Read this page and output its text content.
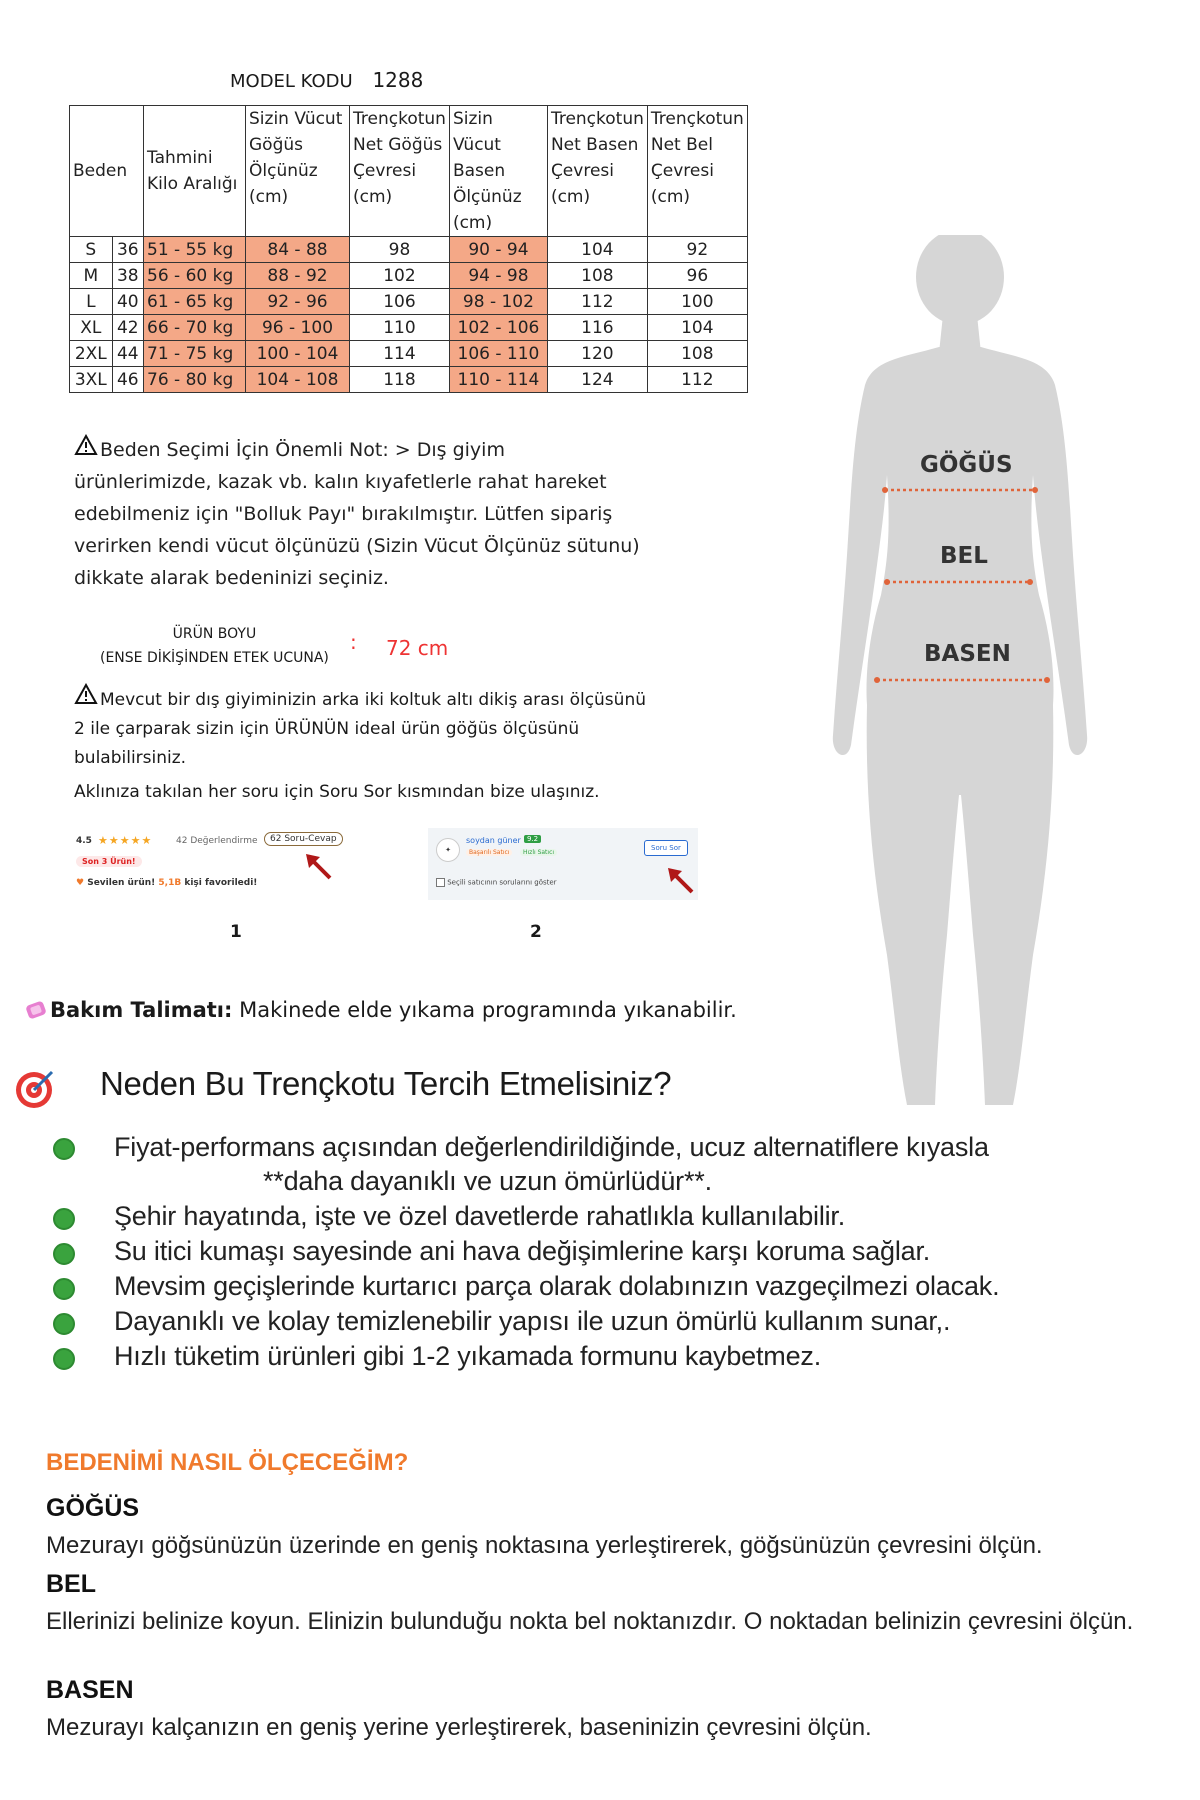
MODEL KODU 1288
Beden		Tahmini Kilo Aralığı	Sizin Vücut Göğüs Ölçünüz (cm)	Trençkotun Net Göğüs Çevresi (cm)	Sizin Vücut Basen Ölçünüz (cm)	Trençkotun Net Basen Çevresi (cm)	Trençkotun Net Bel Çevresi (cm)
S	36	51 - 55 kg	84 - 88	98	90 - 94	104	92
M	38	56 - 60 kg	88 - 92	102	94 - 98	108	96
L	40	61 - 65 kg	92 - 96	106	98 - 102	112	100
XL	42	66 - 70 kg	96 - 100	110	102 - 106	116	104
2XL	44	71 - 75 kg	100 - 104	114	106 - 110	120	108
3XL	46	76 - 80 kg	104 - 108	118	110 - 114	124	112
GÖĞÜS
BEL
BASEN
Beden Seçimi İçin Önemli Not: > Dış giyim ürünlerimizde, kazak vb. kalın kıyafetlerle rahat hareket edebilmeniz için "Bolluk Payı" bırakılmıştır. Lütfen sipariş verirken kendi vücut ölçünüzü (Sizin Vücut Ölçünüz sütunu) dikkate alarak bedeninizi seçiniz.
ÜRÜN BOYU
(ENSE DİKİŞİNDEN ETEK UCUNA)
: 72 cm
Mevcut bir dış giyiminizin arka iki koltuk altı dikiş arası ölçüsünü 2 ile çarparak sizin için ÜRÜNÜN ideal ürün göğüs ölçüsünü bulabilirsiniz.
Aklınıza takılan her soru için Soru Sor kısmından bize ulaşınız.
4.5 ★★★★★	42 Değerlendirme	62 Soru-Cevap
Son 3 Ürün!
♥ Sevilen ürün! 5,1B kişi favoriledi!
1
✦
soydan güner 9.2
Başarılı Satıcı	Hızlı Satıcı
Soru Sor
Seçili satıcının sorularını göster
2
Bakım Talimatı: Makinede elde yıkama programında yıkanabilir.
Neden Bu Trençkotu Tercih Etmelisiniz?
Fiyat-performans açısından değerlendirildiğinde, ucuz alternatiflere kıyasla
**daha dayanıklı ve uzun ömürlüdür**.
Şehir hayatında, işte ve özel davetlerde rahatlıkla kullanılabilir.
Su itici kumaşı sayesinde ani hava değişimlerine karşı koruma sağlar.
Mevsim geçişlerinde kurtarıcı parça olarak dolabınızın vazgeçilmezi olacak.
Dayanıklı ve kolay temizlenebilir yapısı ile uzun ömürlü kullanım sunar,.
Hızlı tüketim ürünleri gibi 1-2 yıkamada formunu kaybetmez.
BEDENİMİ NASIL ÖLÇECEĞİM?
GÖĞÜS
Mezurayı göğsünüzün üzerinde en geniş noktasına yerleştirerek, göğsünüzün çevresini ölçün.
BEL
Ellerinizi belinize koyun. Elinizin bulunduğu nokta bel noktanızdır. O noktadan belinizin çevresini ölçün.
BASEN
Mezurayı kalçanızın en geniş yerine yerleştirerek, baseninizin çevresini ölçün.
